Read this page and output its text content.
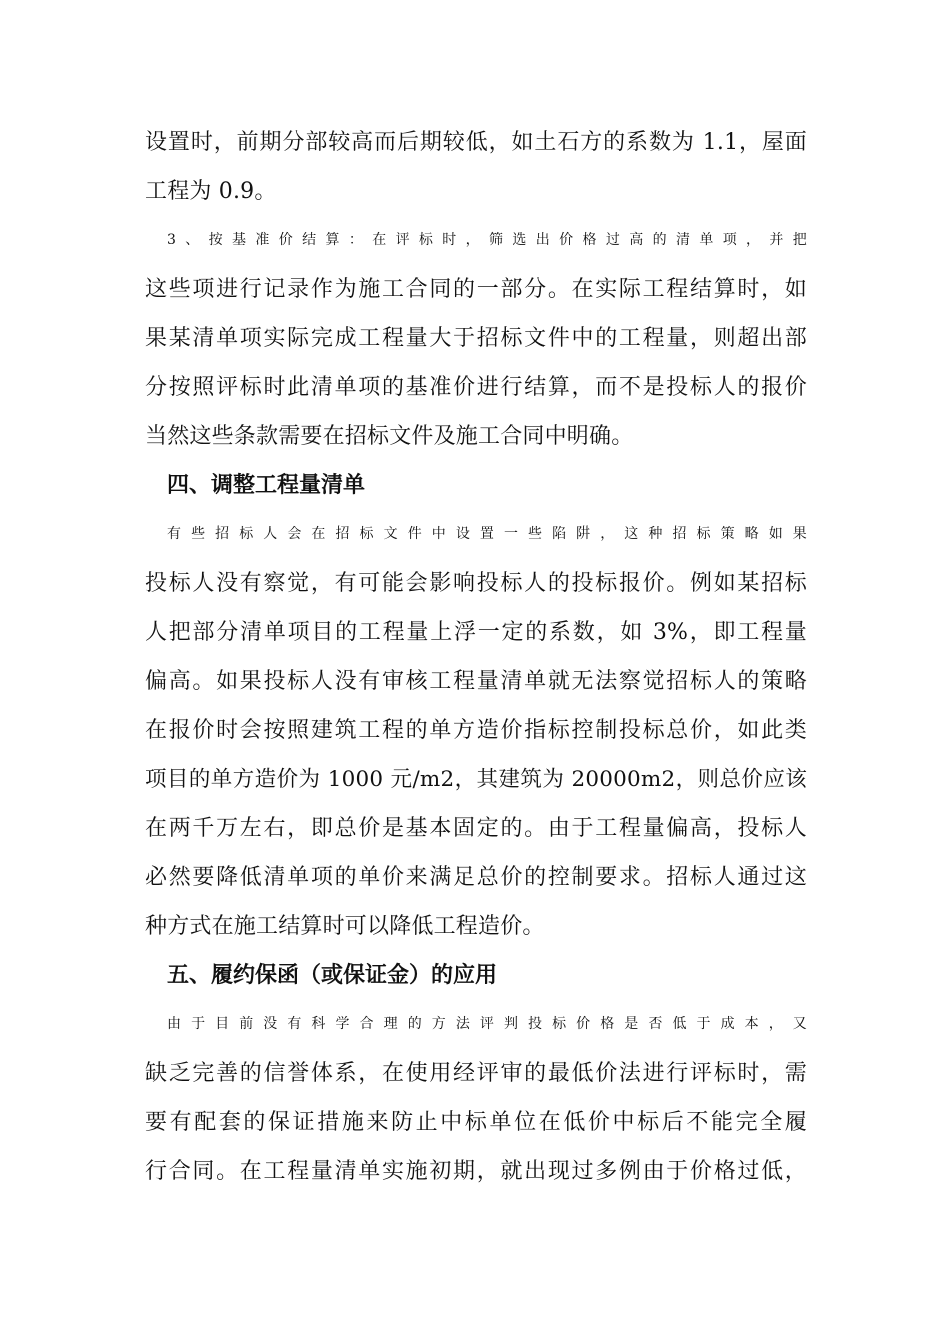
设置时，前期分部较高而后期较低，如土石方的系数为 1.1，屋面
工程为 0.9。
3、按基准价结算：在评标时，筛选出价格过高的清单项，并把
这些项进行记录作为施工合同的一部分。在实际工程结算时，如
果某清单项实际完成工程量大于招标文件中的工程量，则超出部
分按照评标时此清单项的基准价进行结算，而不是投标人的报价
当然这些条款需要在招标文件及施工合同中明确。
四、调整工程量清单
有些招标人会在招标文件中设置一些陷阱，这种招标策略如果
投标人没有察觉，有可能会影响投标人的投标报价。例如某招标
人把部分清单项目的工程量上浮一定的系数，如 3%，即工程量
偏高。如果投标人没有审核工程量清单就无法察觉招标人的策略
在报价时会按照建筑工程的单方造价指标控制投标总价，如此类
项目的单方造价为 1000 元/m2，其建筑为 20000m2，则总价应该
在两千万左右，即总价是基本固定的。由于工程量偏高，投标人
必然要降低清单项的单价来满足总价的控制要求。招标人通过这
种方式在施工结算时可以降低工程造价。
五、履约保函（或保证金）的应用
由于目前没有科学合理的方法评判投标价格是否低于成本，又
缺乏完善的信誉体系，在使用经评审的最低价法进行评标时，需
要有配套的保证措施来防止中标单位在低价中标后不能完全履
行合同。在工程量清单实施初期，就出现过多例由于价格过低，
